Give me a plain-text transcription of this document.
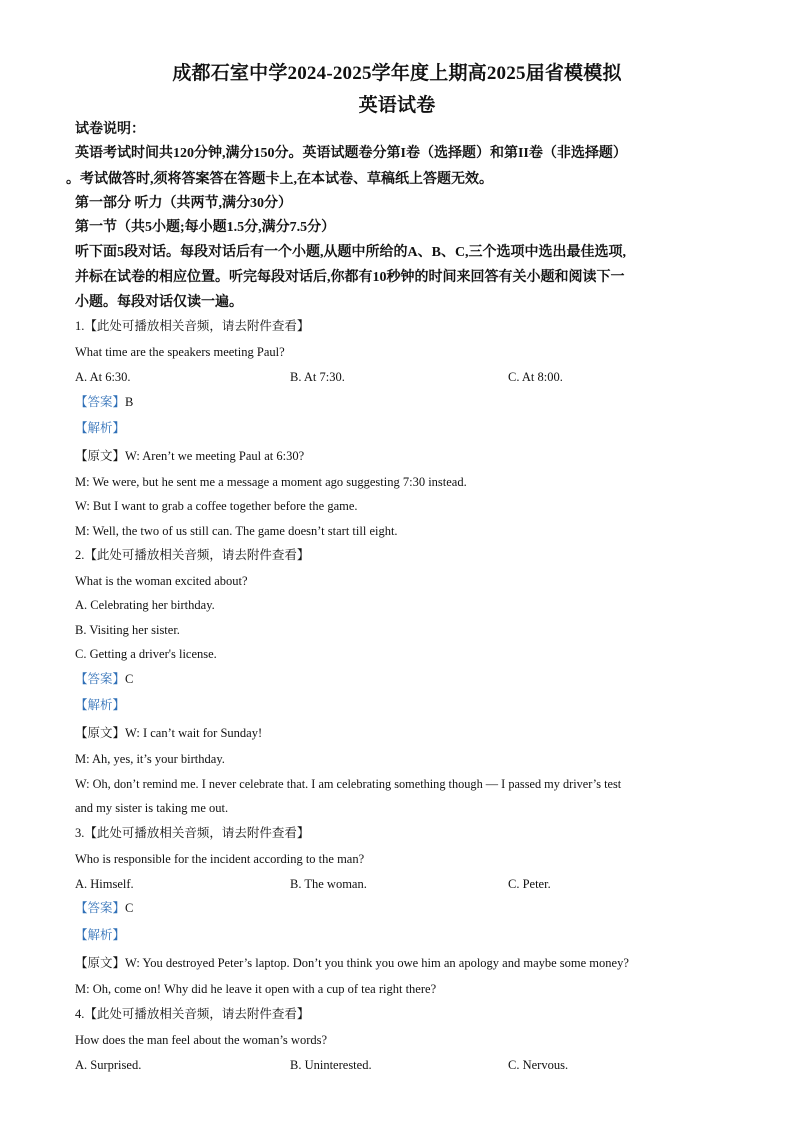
成都石室中学2024-2025学年度上期高2025届省模模拟
英语试卷
试卷说明：
英语考试时间共120分钟,满分150分。英语试题卷分第I卷（选择题）和第II卷（非选择题）
。考试做答时,须将答案答在答题卡上,在本试卷、草稿纸上答题无效。
第一部分 听力（共两节,满分30分）
第一节（共5小题;每小题1.5分,满分7.5分）
听下面5段对话。每段对话后有一个小题,从题中所给的A、B、C,三个选项中选出最佳选项,
并标在试卷的相应位置。听完每段对话后,你都有10秒钟的时间来回答有关小题和阅读下一
小题。每段对话仅读一遍。
1.【此处可播放相关音频，请去附件查看】
What time are the speakers meeting Paul?
A. At 6:30.	B. At 7:30.	C. At 8:00.
【答案】B
【解析】
【原文】W: Aren’t we meeting Paul at 6:30?
M: We were, but he sent me a message a moment ago suggesting 7:30 instead.
W: But I want to grab a coffee together before the game.
M: Well, the two of us still can. The game doesn’t start till eight.
2.【此处可播放相关音频，请去附件查看】
What is the woman excited about?
A. Celebrating her birthday.
B. Visiting her sister.
C. Getting a driver's license.
【答案】C
【解析】
【原文】W: I can’t wait for Sunday!
M: Ah, yes, it’s your birthday.
W: Oh, don’t remind me. I never celebrate that. I am celebrating something though — I passed my driver’s test
and my sister is taking me out.
3.【此处可播放相关音频，请去附件查看】
Who is responsible for the incident according to the man?
A. Himself.	B. The woman.	C. Peter.
【答案】C
【解析】
【原文】W: You destroyed Peter’s laptop. Don’t you think you owe him an apology and maybe some money?
M: Oh, come on! Why did he leave it open with a cup of tea right there?
4.【此处可播放相关音频，请去附件查看】
How does the man feel about the woman’s words?
A. Surprised.	B. Uninterested.	C. Nervous.
